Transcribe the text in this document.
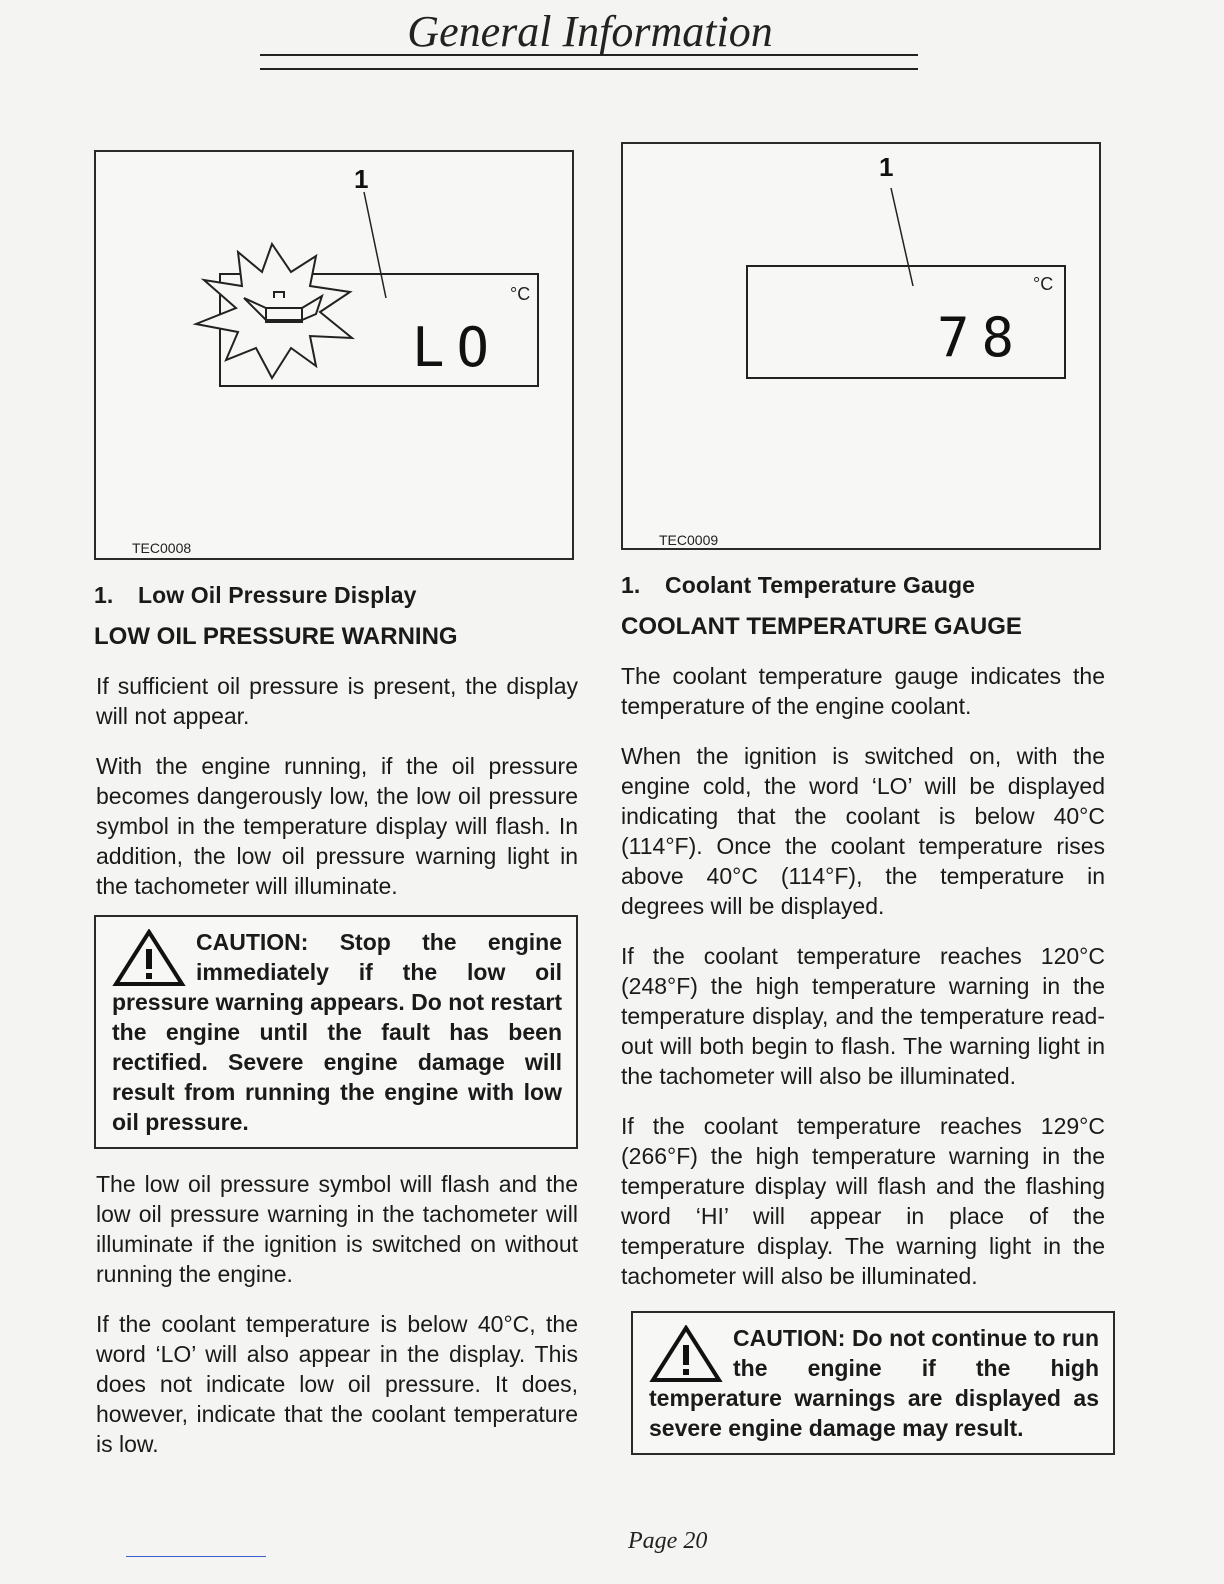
General Information
1
°C
LO
TEC0008
1. Low Oil Pressure Display
LOW OIL PRESSURE WARNING

If sufficient oil pressure is present, the display will not appear.

With the engine running, if the oil pressure becomes dangerously low, the low oil pressure symbol in the temperature display will flash. In addition, the low oil pressure warning light in the tachometer will illuminate.

CAUTION: Stop the engine immediately if the low oil pressure warning appears. Do not restart the engine until the fault has been rectified. Severe engine damage will result from running the engine with low oil pressure.

The low oil pressure symbol will flash and the low oil pressure warning in the tachometer will illuminate if the ignition is switched on without running the engine.

If the coolant temperature is below 40°C, the word ‘LO’ will also appear in the display. This does not indicate low oil pressure. It does, however, indicate that the coolant temperature is low.

1
°C
78
TEC0009
1. Coolant Temperature Gauge
COOLANT TEMPERATURE GAUGE

The coolant temperature gauge indicates the temperature of the engine coolant.

When the ignition is switched on, with the engine cold, the word ‘LO’ will be displayed indicating that the coolant is below 40°C (114°F). Once the coolant temperature rises above 40°C (114°F), the temperature in degrees will be displayed.

If the coolant temperature reaches 120°C (248°F) the high temperature warning in the temperature display, and the temperature read-out will both begin to flash. The warning light in the tachometer will also be illuminated.

If the coolant temperature reaches 129°C (266°F) the high temperature warning in the temperature display will flash and the flashing word ‘HI’ will appear in place of the temperature display. The warning light in the tachometer will also be illuminated.

CAUTION: Do not continue to run the engine if the high temperature warnings are displayed as severe engine damage may result.
Page 20
